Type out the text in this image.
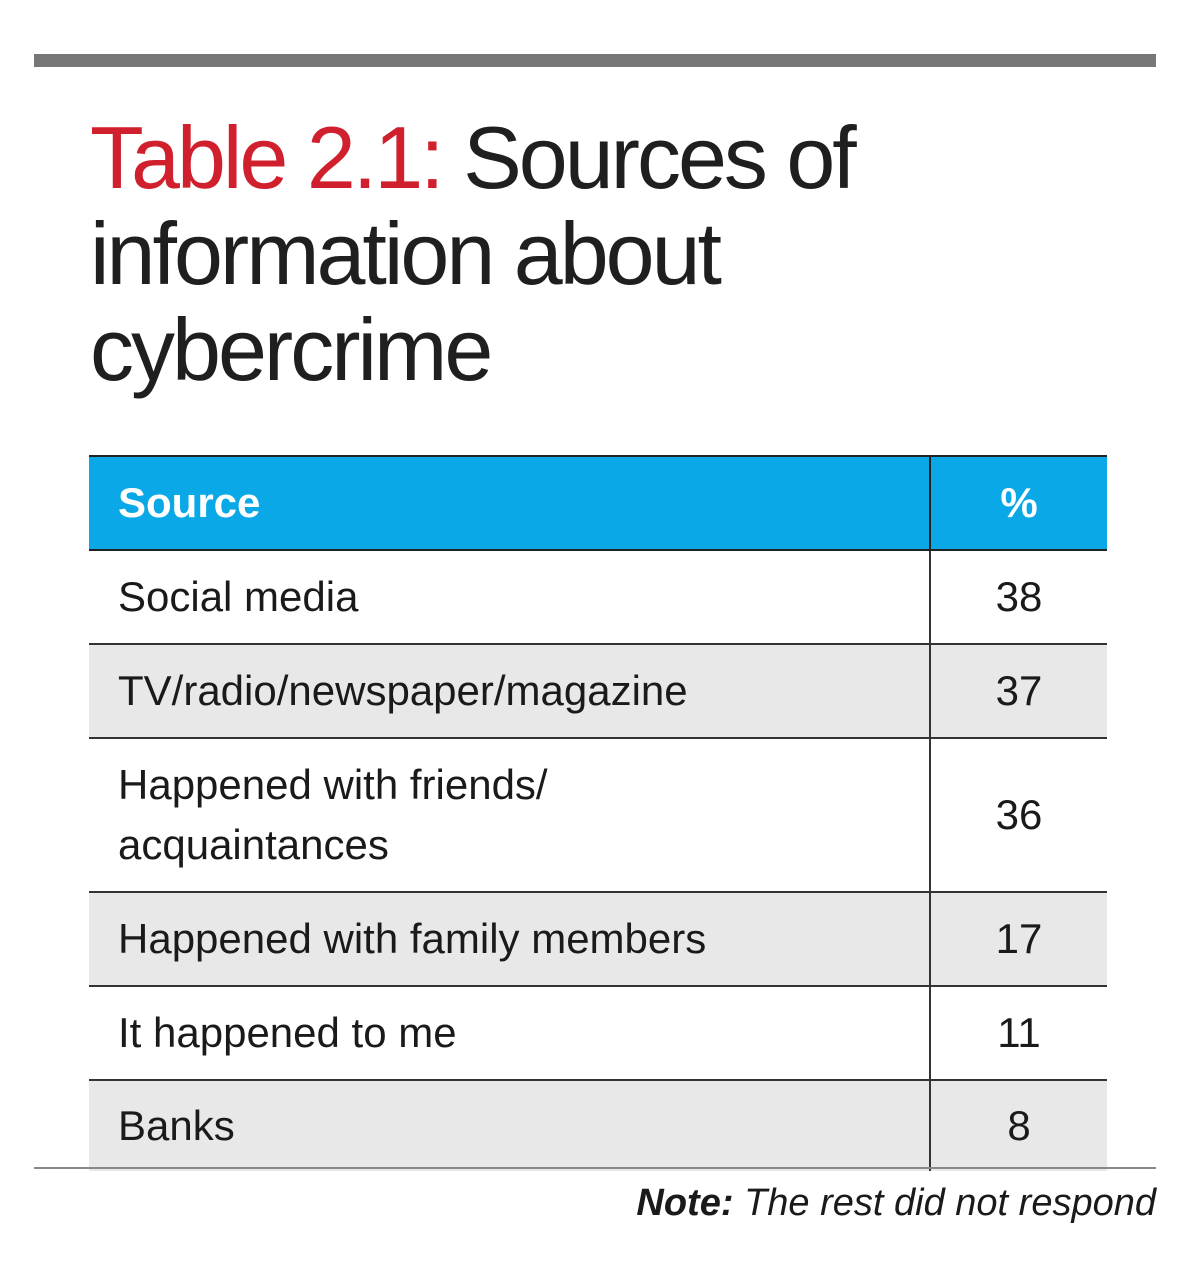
Table 2.1: Sources of information about cybercrime
Source	%
Social media	38
TV/radio/newspaper/magazine	37
Happened with friends/ acquaintances	36
Happened with family members	17
It happened to me	11
Banks	8
Note: The rest did not respond
